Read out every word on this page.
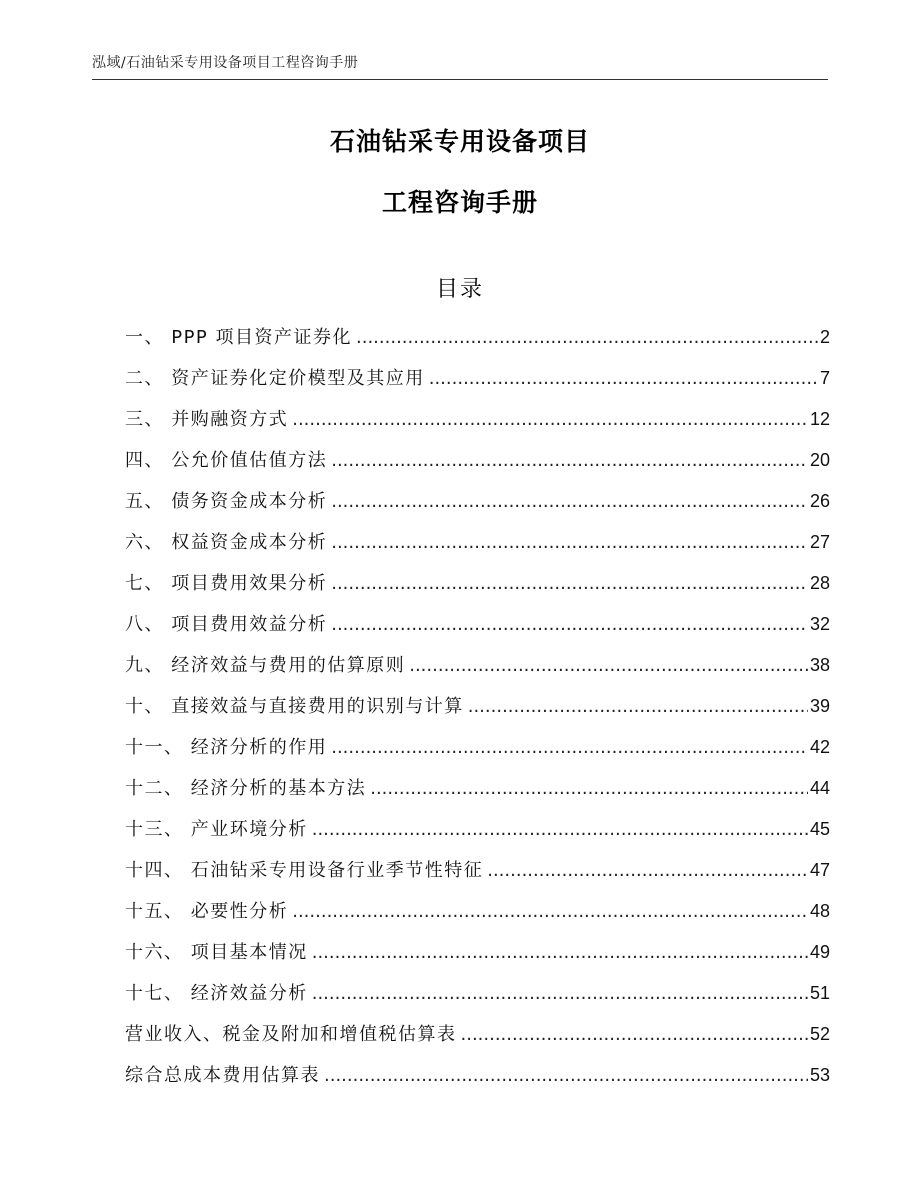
泓域/石油钻采专用设备项目工程咨询手册
石油钻采专用设备项目
工程咨询手册
目录
一、 PPP 项目资产证券化 .....	2
二、 资产证券化定价模型及其应用 .....	7
三、 并购融资方式 .....	12
四、 公允价值估值方法 .....	20
五、 债务资金成本分析 .....	26
六、 权益资金成本分析 .....	27
七、 项目费用效果分析 .....	28
八、 项目费用效益分析 .....	32
九、 经济效益与费用的估算原则 .....	38
十、 直接效益与直接费用的识别与计算 .....	39
十一、 经济分析的作用 .....	42
十二、 经济分析的基本方法 .....	44
十三、 产业环境分析 .....	45
十四、 石油钻采专用设备行业季节性特征 .....	47
十五、 必要性分析 .....	48
十六、 项目基本情况 .....	49
十七、 经济效益分析 .....	51
营业收入、税金及附加和增值税估算表 .....	52
综合总成本费用估算表 .....	53
